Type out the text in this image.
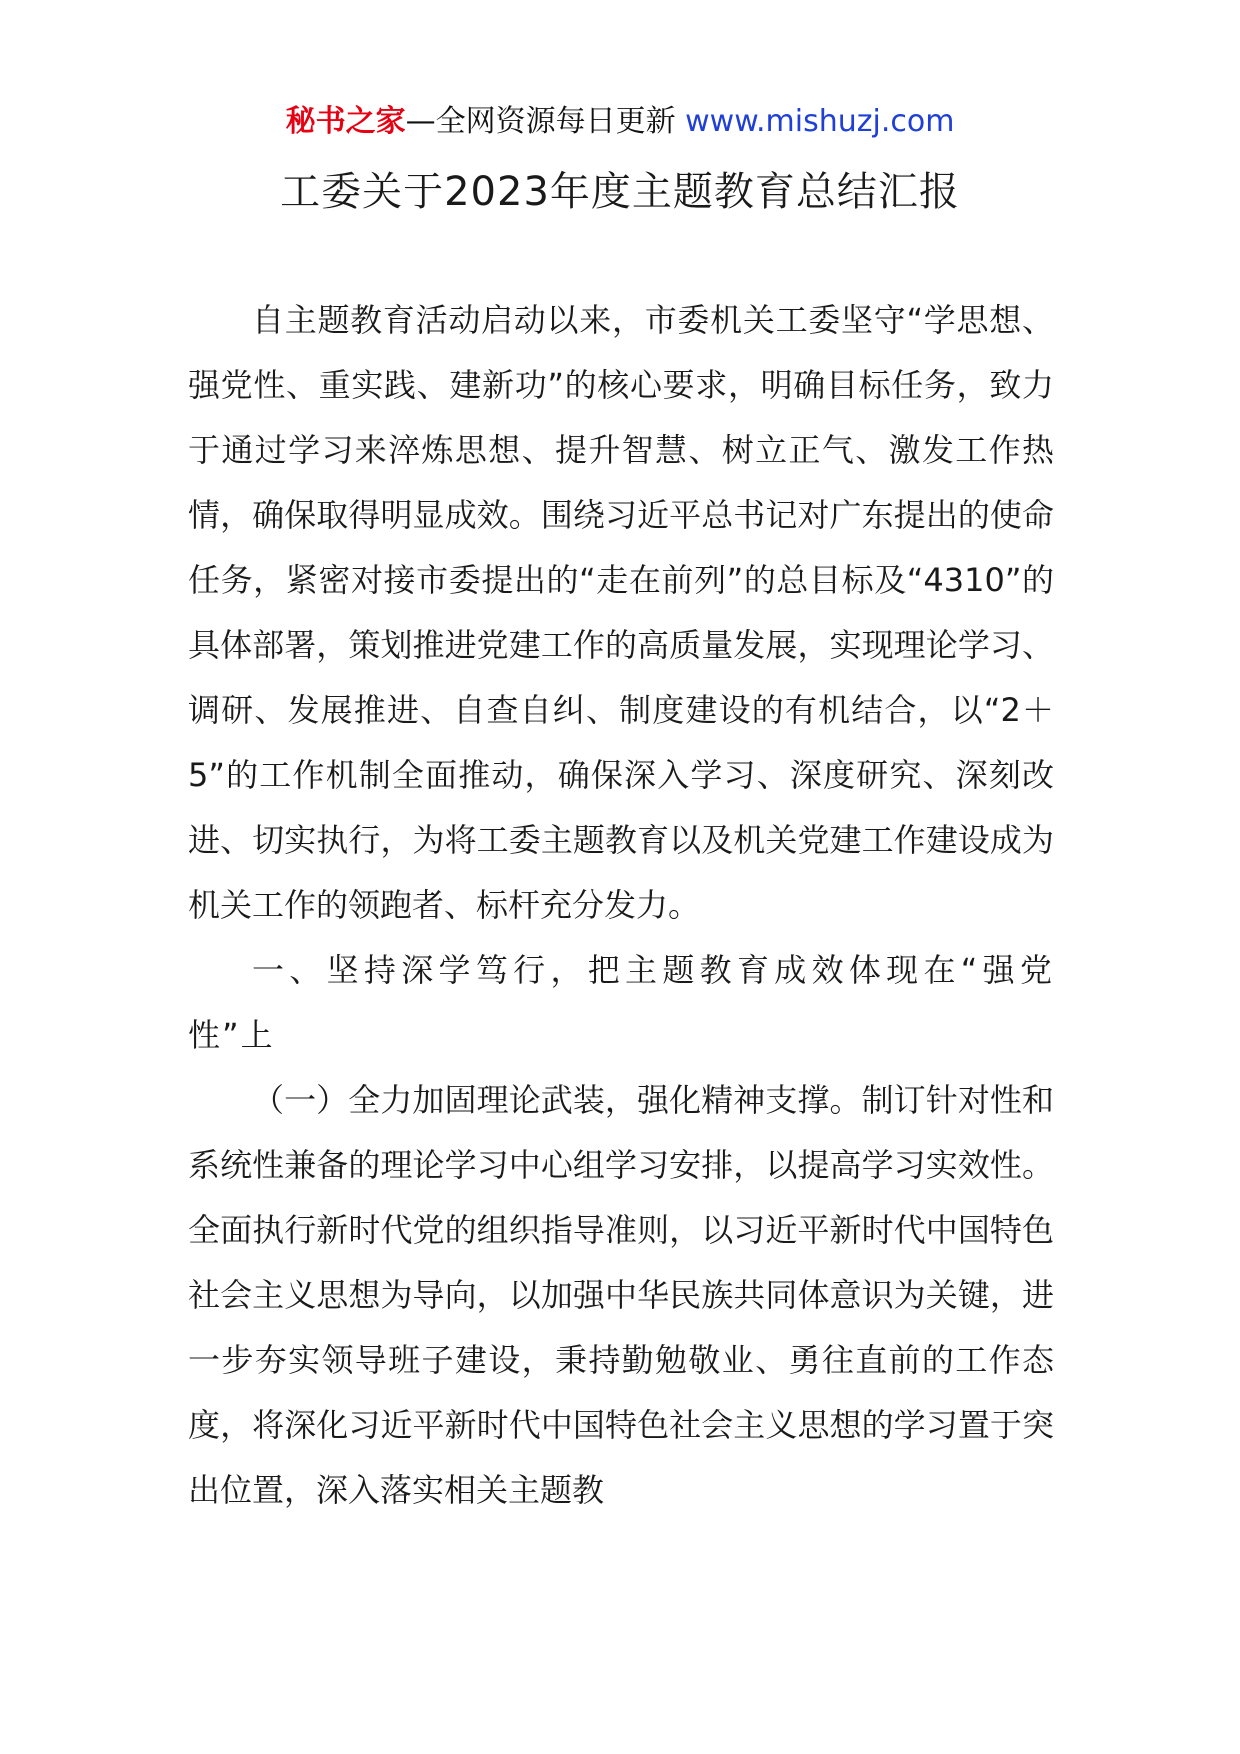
秘书之家—全网资源每日更新 www.mishuzj.com
工委关于2023年度主题教育总结汇报

自主题教育活动启动以来，市委机关工委坚守“学思想、强党性、重实践、建新功”的核心要求，明确目标任务，致力于通过学习来淬炼思想、提升智慧、树立正气、激发工作热情，确保取得明显成效。围绕习近平总书记对广东提出的使命任务，紧密对接市委提出的“走在前列”的总目标及“4310”的具体部署，策划推进党建工作的高质量发展，实现理论学习、调研、发展推进、自查自纠、制度建设的有机结合，以“2＋5”的工作机制全面推动，确保深入学习、深度研究、深刻改进、切实执行，为将工委主题教育以及机关党建工作建设成为机关工作的领跑者、标杆充分发力。

一、坚持深学笃行，把主题教育成效体现在“强党性”上

（一）全力加固理论武装，强化精神支撑。制订针对性和系统性兼备的理论学习中心组学习安排，以提高学习实效性。全面执行新时代党的组织指导准则，以习近平新时代中国特色社会主义思想为导向，以加强中华民族共同体意识为关键，进一步夯实领导班子建设，秉持勤勉敬业、勇往直前的工作态度，将深化习近平新时代中国特色社会主义思想的学习置于突出位置，深入落实相关主题教
